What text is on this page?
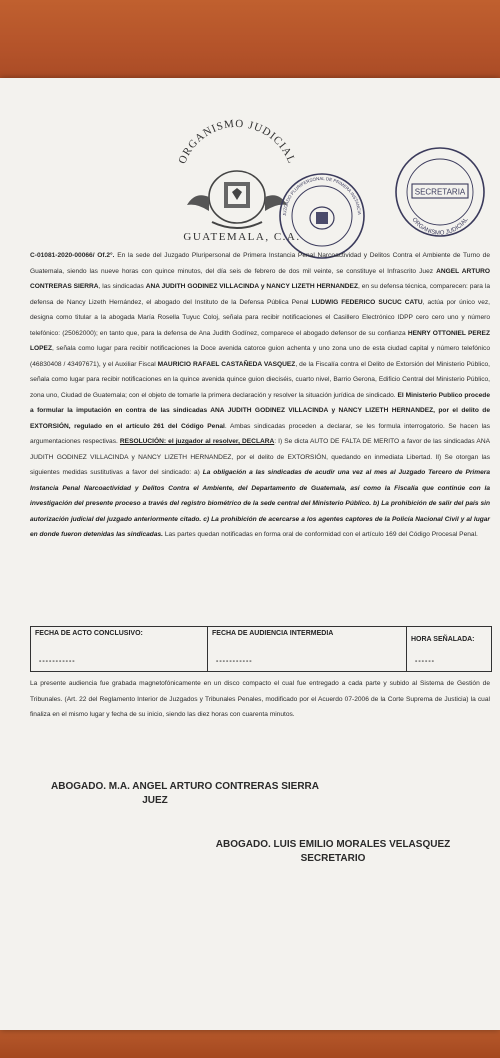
ORGANISMO JUDICIAL
GUATEMALA, C.A.
JUZGADO PLURIPERSONAL DE PRIMERA INSTANCIA
ORGANISMO JUDICIAL
SECRETARIA
C-01081-2020-00066/ Of.2°. En la sede del Juzgado Pluripersonal de Primera Instancia Penal Narcoactividad y Delitos Contra el Ambiente de Turno de Guatemala, siendo las nueve horas con quince minutos, del día seis de febrero de dos mil veinte, se constituye el Infrascrito Juez ANGEL ARTURO CONTRERAS SIERRA, las sindicadas ANA JUDITH GODINEZ VILLACINDA y NANCY LIZETH HERNANDEZ, en su defensa técnica, comparecen: para la defensa de Nancy Lizeth Hernández, el abogado del Instituto de la Defensa Pública Penal LUDWIG FEDERICO SUCUC CATU, actúa por único vez, designa como titular a la abogada María Rosella Tuyuc Coloj, señala para recibir notificaciones el Casillero Electrónico IDPP cero cero uno y número telefónico: (25062000); en tanto que, para la defensa de Ana Judith Godínez, comparece el abogado defensor de su confianza HENRY OTTONIEL PEREZ LOPEZ, señala como lugar para recibir notificaciones la Doce avenida catorce guion achenta y uno zona uno de esta ciudad capital y número telefónico (46830408 / 43497671), y el Auxiliar Fiscal MAURICIO RAFAEL CASTAÑEDA VASQUEZ, de la Fiscalía contra el Delito de Extorsión del Ministerio Público, señala como lugar para recibir notificaciones en la quince avenida quince guion dieciséis, cuarto nivel, Barrio Gerona, Edificio Central del Ministerio Público, zona uno, Ciudad de Guatemala; con el objeto de tomarle la primera declaración y resolver la situación jurídica de sindicado. El Ministerio Publico procede a formular la imputación en contra de las sindicadas ANA JUDITH GODINEZ VILLACINDA y NANCY LIZETH HERNANDEZ, por el delito de EXTORSIÓN, regulado en el artículo 261 del Código Penal. Ambas sindicadas proceden a declarar, se les formula interrogatorio. Se hacen las argumentaciones respectivas. RESOLUCIÓN: el juzgador al resolver, DECLARA: I) Se dicta AUTO DE FALTA DE MERITO a favor de las sindicadas ANA JUDITH GODINEZ VILLACINDA y NANCY LIZETH HERNANDEZ, por el delito de EXTORSIÓN, quedando en inmediata Libertad. II) Se otorgan las siguientes medidas sustitutivas a favor del sindicado: a) La obligación a las sindicadas de acudir una vez al mes al Juzgado Tercero de Primera Instancia Penal Narcoactividad y Delitos Contra el Ambiente, del Departamento de Guatemala, así como la Fiscalía que continúe con la investigación del presente proceso a través del registro biométrico de la sede central del Ministerio Público. b) La prohibición de salir del país sin autorización judicial del juzgado anteriormente citado. c) La prohibición de acercarse a los agentes captores de la Policía Nacional Civil y al lugar en donde fueron detenidas las sindicadas. Las partes quedan notificadas en forma oral de conformidad con el artículo 169 del Código Procesal Penal.
FECHA DE ACTO CONCLUSIVO:
-----------
FECHA DE AUDIENCIA INTERMEDIA
-----------
HORA SEÑALADA:
------
La presente audiencia fue grabada magnetofónicamente en un disco compacto el cual fue entregado a cada parte y subido al Sistema de Gestión de Tribunales. (Art. 22 del Reglamento Interior de Juzgados y Tribunales Penales, modificado por el Acuerdo 07-2006 de la Corte Suprema de Justicia) la cual finaliza en el mismo lugar y fecha de su inicio, siendo las diez horas con cuarenta minutos.
ABOGADO. M.A. ANGEL ARTURO CONTRERAS SIERRA
JUEZ
ABOGADO. LUIS EMILIO MORALES VELASQUEZ
SECRETARIO
